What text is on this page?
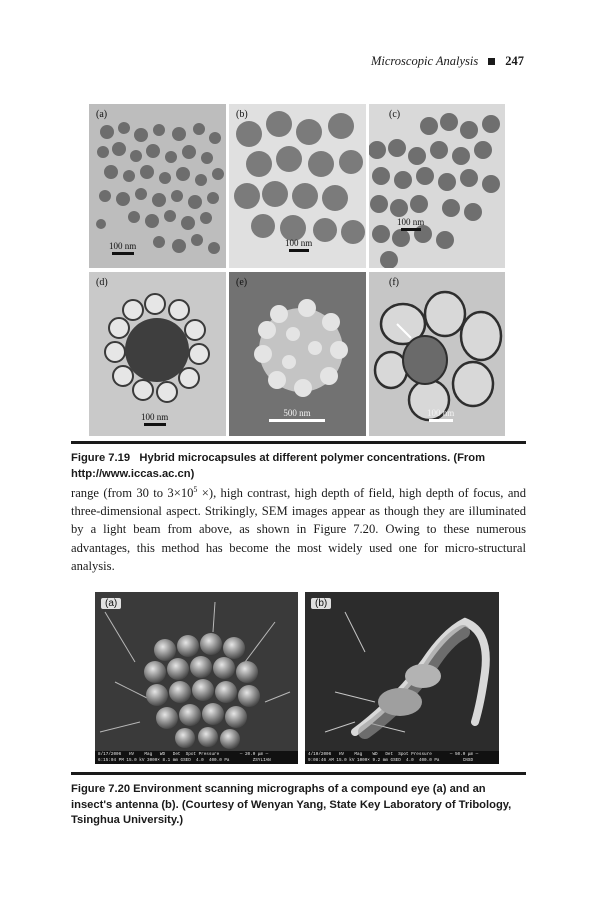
Microscopic Analysis 247
(a)
100 nm
(b)
100 nm
(c)
100 nm
(d)
100 nm
(e)
500 nm
(f)
100 nm
Figure 7.19   Hybrid microcapsules at different polymer concentrations. (From
http://www.iccas.ac.cn)

range (from 30 to $3\times 10^5$ ×), high contrast, high depth of field, high depth of focus, and three-dimensional aspect. Strikingly, SEM images appear as though they are illuminated by a light beam from above, as shown in Figure 7.20. Owing to these numerous advantages, this method has become the most widely used one for micro-structural analysis.

(a)
8/17/2006   HV    Mag   WD   Det  Spot Pressure        — 20.0 μm —
6:15:04 PM 15.0 kV 3000× 8.1 mm GSED  4.0  400.0 Pa         ZSYLIAN
(b)
4/10/2006   HV    Mag    WD   Det  Spot Pressure       — 50.0 μm —
9:08:46 AM 15.0 kV 1000× 9.2 mm GSED  4.0  400.0 Pa         CNSD
Figure 7.20 Environment scanning micrographs of a compound eye (a) and an insect's antenna (b). (Courtesy of Wenyan Yang, State Key Laboratory of Tribology, Tsinghua University.)
